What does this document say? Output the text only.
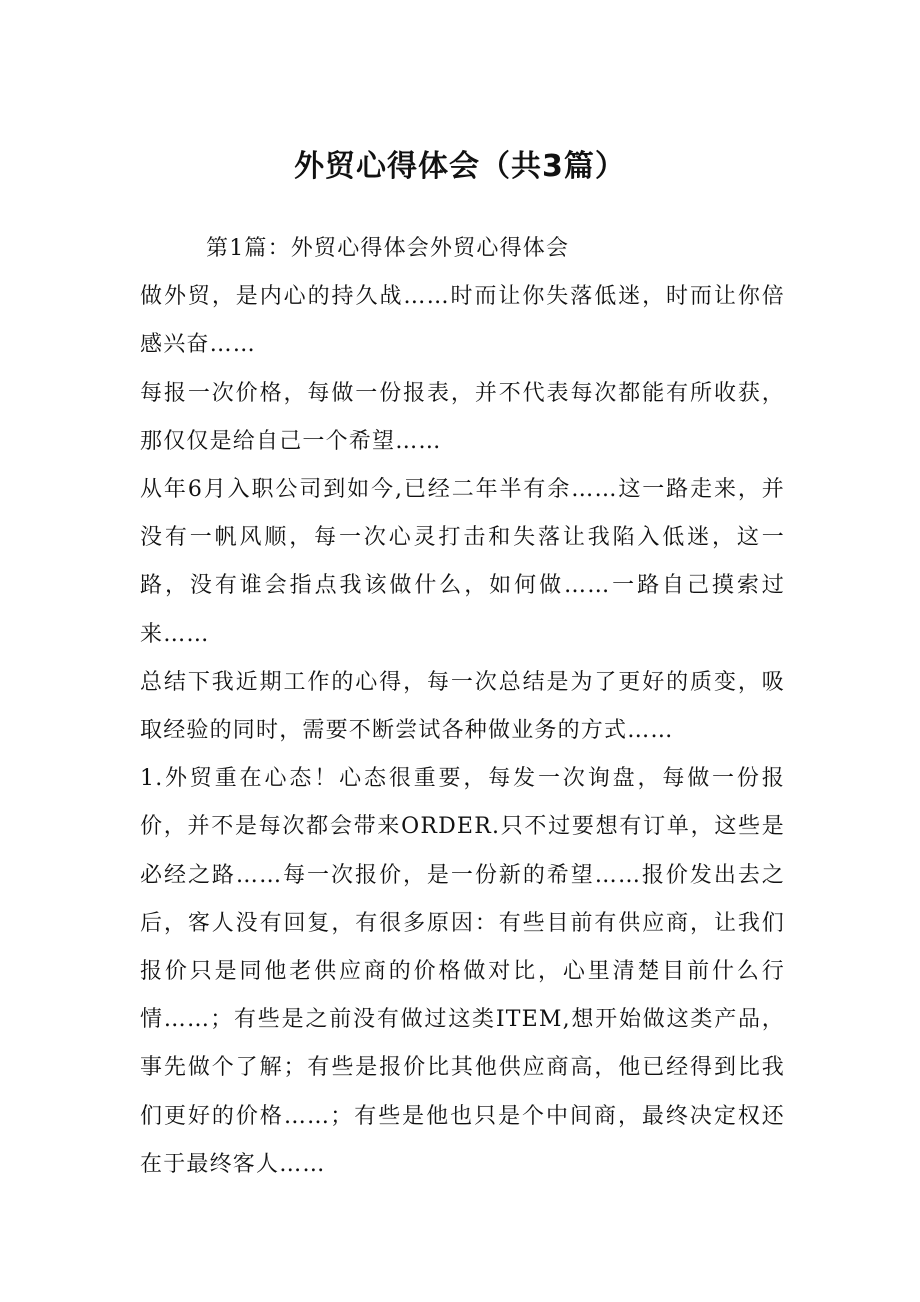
外贸心得体会（共3篇）

第1篇：外贸心得体会外贸心得体会

做外贸，是内心的持久战……时而让你失落低迷，时而让你倍感兴奋……

每报一次价格，每做一份报表，并不代表每次都能有所收获，那仅仅是给自己一个希望……

从年6月入职公司到如今,已经二年半有余……这一路走来，并没有一帆风顺，每一次心灵打击和失落让我陷入低迷，这一路，没有谁会指点我该做什么，如何做……一路自己摸索过来……

总结下我近期工作的心得，每一次总结是为了更好的质变，吸取经验的同时，需要不断尝试各种做业务的方式……

1.外贸重在心态！心态很重要，每发一次询盘，每做一份报价，并不是每次都会带来ORDER.只不过要想有订单，这些是必经之路……每一次报价，是一份新的希望……报价发出去之后，客人没有回复，有很多原因：有些目前有供应商，让我们报价只是同他老供应商的价格做对比，心里清楚目前什么行情……；有些是之前没有做过这类ITEM,想开始做这类产品，事先做个了解；有些是报价比其他供应商高，他已经得到比我们更好的价格……；有些是他也只是个中间商，最终决定权还在于最终客人……
